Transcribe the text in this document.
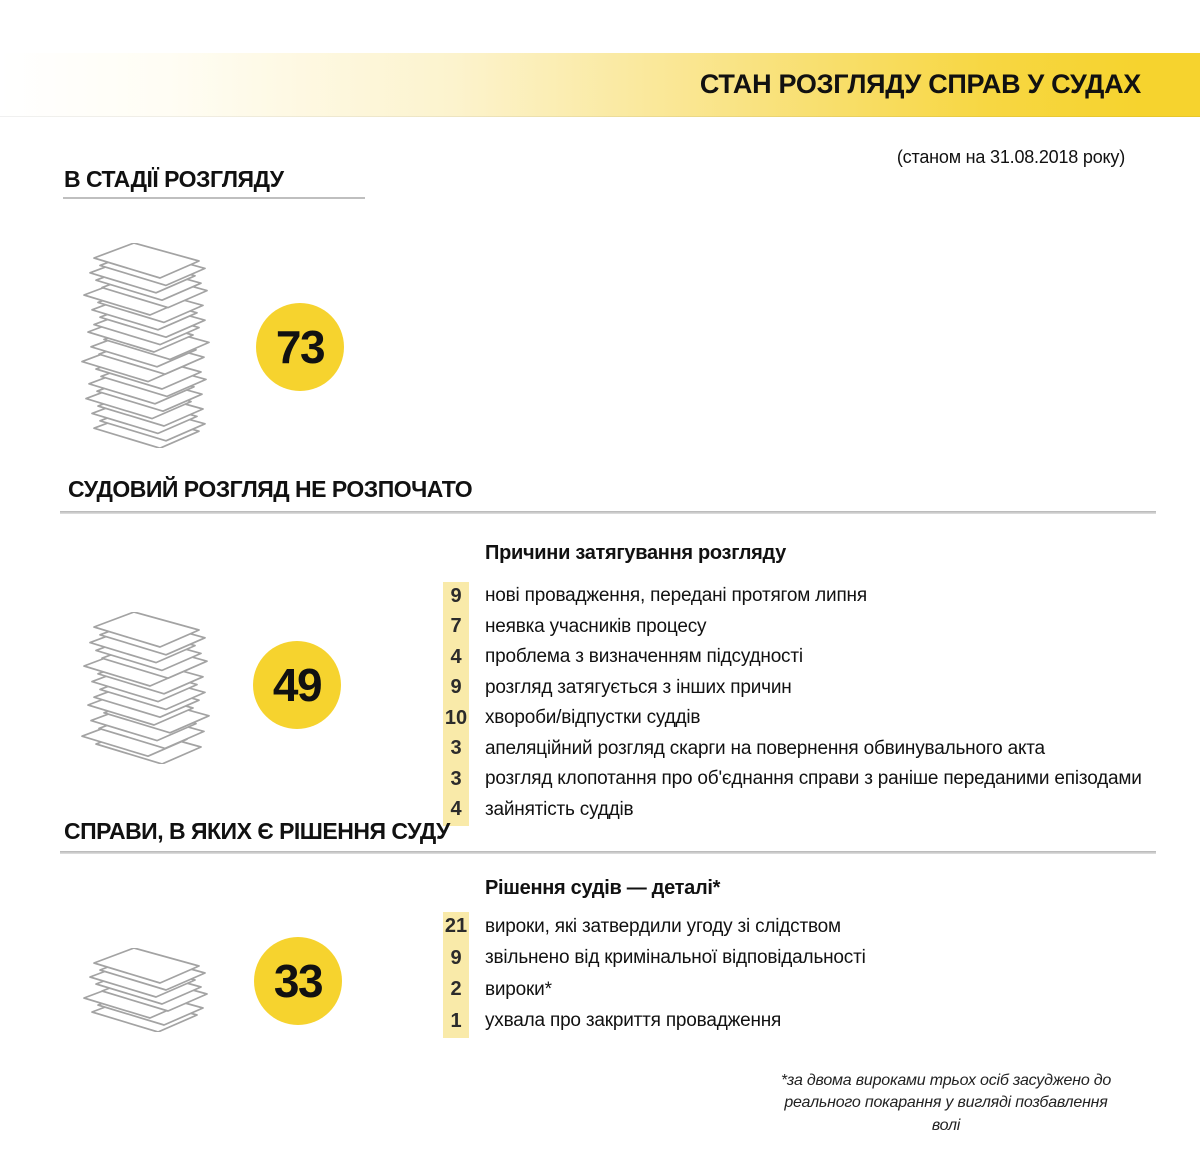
СТАН РОЗГЛЯДУ СПРАВ У СУДАХ
(станом на 31.08.2018 року)
В СТАДІЇ РОЗГЛЯДУ
73
СУДОВИЙ РОЗГЛЯД НЕ РОЗПОЧАТО
49
Причини затягування розгляду
9	нові провадження, передані протягом липня
7	неявка учасників процесу
4	проблема з визначенням підсудності
9	розгляд затягується з інших причин
10 хвороби/відпустки суддів
3	апеляційний розгляд скарги на повернення обвинувального акта
3	розгляд клопотання про об'єднання справи з раніше переданими епізодами
4	зайнятість суддів
СПРАВИ, В ЯКИХ Є РІШЕННЯ СУДУ
33
Рішення судів — деталі*
21 вироки, які затвердили угоду зі слідством
9	звільнено від кримінальної відповідальності
2	вироки*
1	ухвала про закриття провадження
*за двома вироками трьох осіб засуджено до реального покарання у вигляді позбавлення волі
